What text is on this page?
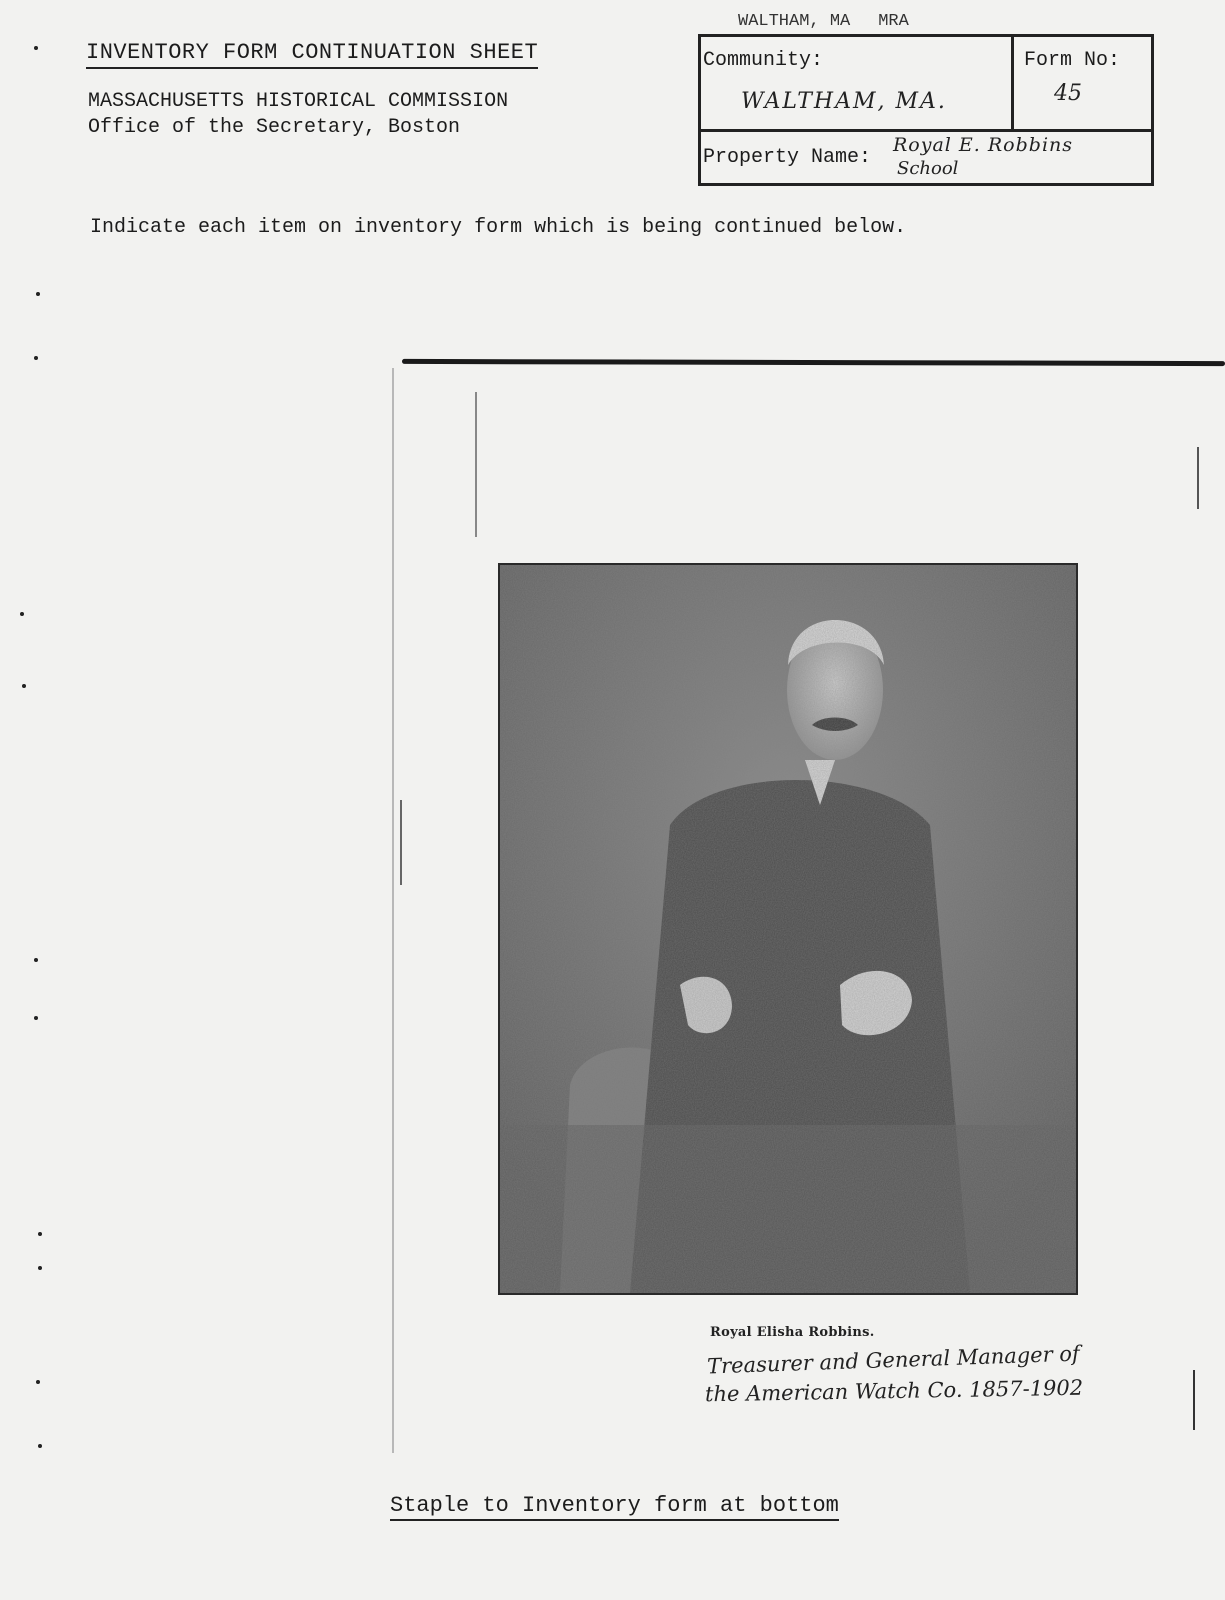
INVENTORY FORM CONTINUATION SHEET
MASSACHUSETTS HISTORICAL COMMISSION
Office of the Secretary, Boston
WALTHAM, MA MRA
Community:
WALTHAM, MA.
Form No:
45
Property Name:
Royal E. Robbins
School
Indicate each item on inventory form which is being continued below.
Royal Elisha Robbins.
Treasurer and General Manager of
the American Watch Co. 1857-1902
Staple to Inventory form at bottom
